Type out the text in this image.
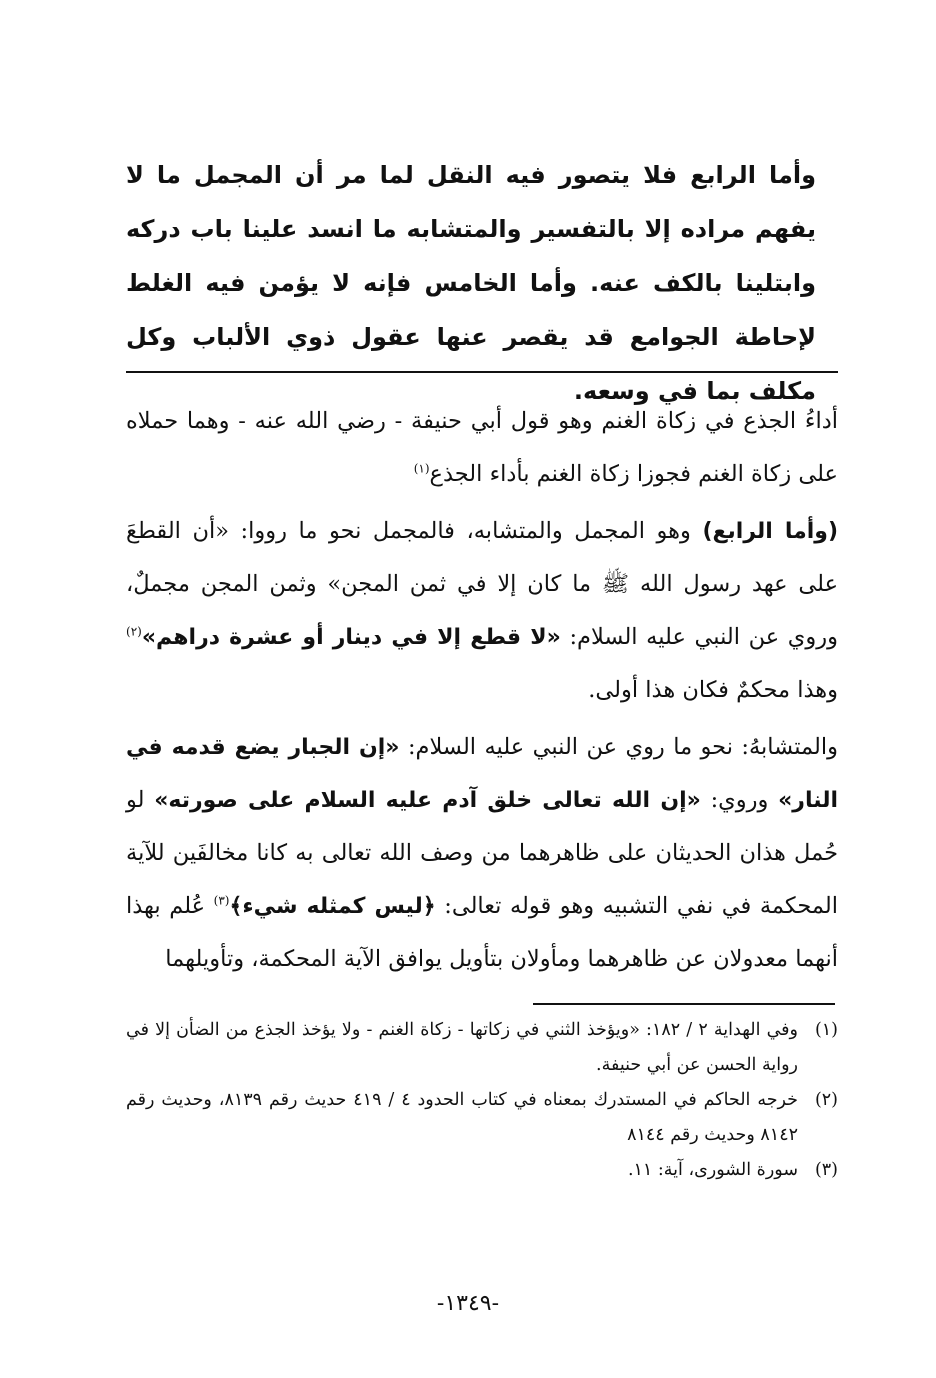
وأما الرابع فلا يتصور فيه النقل لما مر أن المجمل ما لا يفهم مراده إلا بالتفسير والمتشابه ما انسد علينا باب دركه وابتلينا بالكف عنه. وأما الخامس فإنه لا يؤمن فيه الغلط لإحاطة الجوامع قد يقصر عنها عقول ذوي الألباب وكل مكلف بما في وسعه.

أداءُ الجذع في زكاة الغنم وهو قول أبي حنيفة - رضي الله عنه - وهما حملاه على زكاة الغنم فجوزا زكاة الغنم بأداء الجذع$^{(١)}$

(وأما الرابع) وهو المجمل والمتشابه، فالمجمل نحو ما رووا: «أن القطعَ على عهد رسول الله ﷺ ما كان إلا في ثمن المجن» وثمن المجن مجملٌ، وروي عن النبي عليه السلام: «لا قطع إلا في دينار أو عشرة دراهم»$^{(٢)}$ وهذا محكمٌ فكان هذا أولى.

والمتشابهُ: نحو ما روي عن النبي عليه السلام: «إن الجبار يضع قدمه في النار» وروي: «إن الله تعالى خلق آدم عليه السلام على صورته» لو حُمل هذان الحديثان على ظاهرهما من وصف الله تعالى به كانا مخالفَين للآية المحكمة في نفي التشبيه وهو قوله تعالى: ﴿ليس كمثله شيء﴾$^{(٣)}$ عُلم بهذا أنهما معدولان عن ظاهرهما ومأولان بتأويل يوافق الآية المحكمة، وتأويلهما

(١)
وفي الهداية ٢ / ١٨٢: «ويؤخذ الثني في زكاتها - زكاة الغنم - ولا يؤخذ الجذع من الضأن إلا في رواية الحسن عن أبي حنيفة.
(٢)
خرجه الحاكم في المستدرك بمعناه في كتاب الحدود ٤ / ٤١٩ حديث رقم ٨١٣٩، وحديث رقم ٨١٤٢ وحديث رقم ٨١٤٤
(٣)
سورة الشورى، آية: ١١.
-١٣٤٩-
